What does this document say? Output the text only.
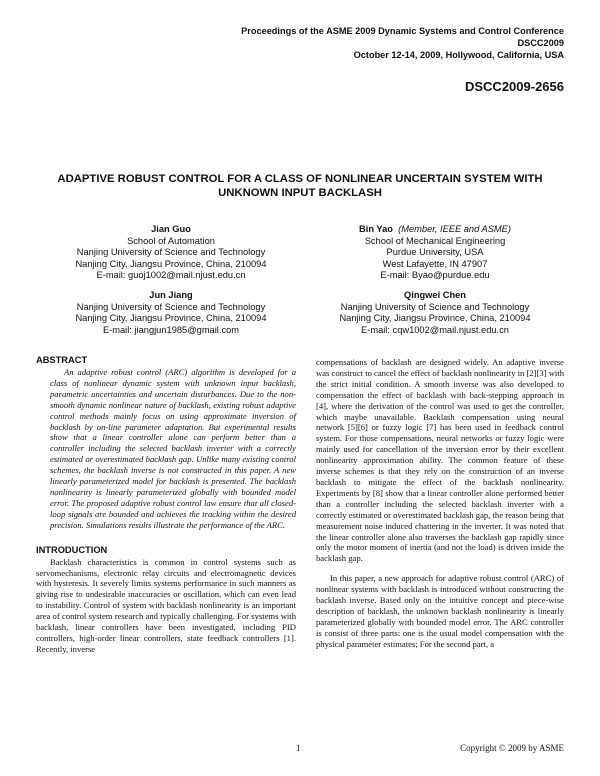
Proceedings of the ASME 2009 Dynamic Systems and Control Conference
DSCC2009
October 12-14, 2009, Hollywood, California, USA
DSCC2009-2656
ADAPTIVE ROBUST CONTROL FOR A CLASS OF NONLINEAR UNCERTAIN SYSTEM WITH UNKNOWN INPUT BACKLASH
Jian Guo
School of Automation
Nanjing University of Science and Technology
Nanjing City, Jiangsu Province, China, 210094
E-mail: guoj1002@mail.njust.edu.cn
Bin Yao (Member, IEEE and ASME)
School of Mechanical Engineering
Purdue University, USA
West Lafayette, IN 47907
E-mail: Byao@purdue.edu
Jun Jiang
Nanjing University of Science and Technology
Nanjing City, Jiangsu Province, China, 210094
E-mail: jiangjun1985@gmail.com
Qingwei Chen
Nanjing University of Science and Technology
Nanjing City, Jiangsu Province, China, 210094
E-mail: cqw1002@mail.njust.edu.cn
ABSTRACT

An adaptive robust control (ARC) algorithm is developed for a class of nonlinear dynamic system with unknown input backlash, parametric uncertainties and uncertain disturbances. Due to the non-smooth dynamic nonlinear nature of backlash, existing robust adaptive control methods mainly focus on using approximate inversion of backlash by on-line parameter adaptation. But experimental results show that a linear controller alone can perform better than a controller including the selected backlash inverter with a correctly estimated or overestimated backlash gap. Unlike many existing control schemes, the backlash inverse is not constructed in this paper. A new linearly parameterized model for backlash is presented. The backlash nonlinearity is linearly parameterized globally with bounded model error. The proposed adaptive robust control law ensure that all closed-loop signals are bounded and achieves the tracking within the desired precision. Simulations results illustrate the performance of the ARC.

INTRODUCTION

Backlash characteristics is common in control systems such as servomechanisms, electronic relay circuits and electromagnetic devices with hysteresis. It severely limits systems performance in such manners as giving rise to undesirable inaccuracies or oscillation, which can even lead to instability. Control of system with backlash nonlinearity is an important area of control system research and typically challenging. For systems with backlash, linear controllers have been investigated, including PID controllers, high-order linear controllers, state feedback controllers [1]. Recently, inverse

compensations of backlash are designed widely. An adaptive inverse was construct to cancel the effect of backlash nonlinearity in [2][3] with the strict initial condition. A smooth inverse was also developed to compensation the effect of backlash with back-stepping approach in [4], where the derivation of the control was used to get the controller, which maybe unavailable. Backlash compensation using neural network [5][6] or fuzzy logic [7] has been used in feedback control system. For those compensations, neural networks or fuzzy logic were mainly used for cancellation of the inversion error by their excellent nonlinearity approximation ability. The common feature of these inverse schemes is that they rely on the construction of an inverse backlash to mitigate the effect of the backlash nonlinearity. Experiments by [8] show that a linear controller alone performed better than a controller including the selected backlash inverter with a correctly estimated or overestimated backlash gap, the reason being that measurement noise induced chattering in the inverter. It was noted that the linear controller alone also traverses the backlash gap rapidly since only the motor moment of inertia (and not the load) is driven inside the backlash gap.

In this paper, a new approach for adaptive robust control (ARC) of nonlinear systems with backlash is introduced without constructing the backlash inverse. Based only on the intuitive concept and piece-wise description of backlash, the unknown backlash nonlinearity is linearly parameterized globally with bounded model error. The ARC controller is consist of three parts: one is the usual model compensation with the physical parameter estimates; For the second part, a

1	Copyright © 2009 by ASME
